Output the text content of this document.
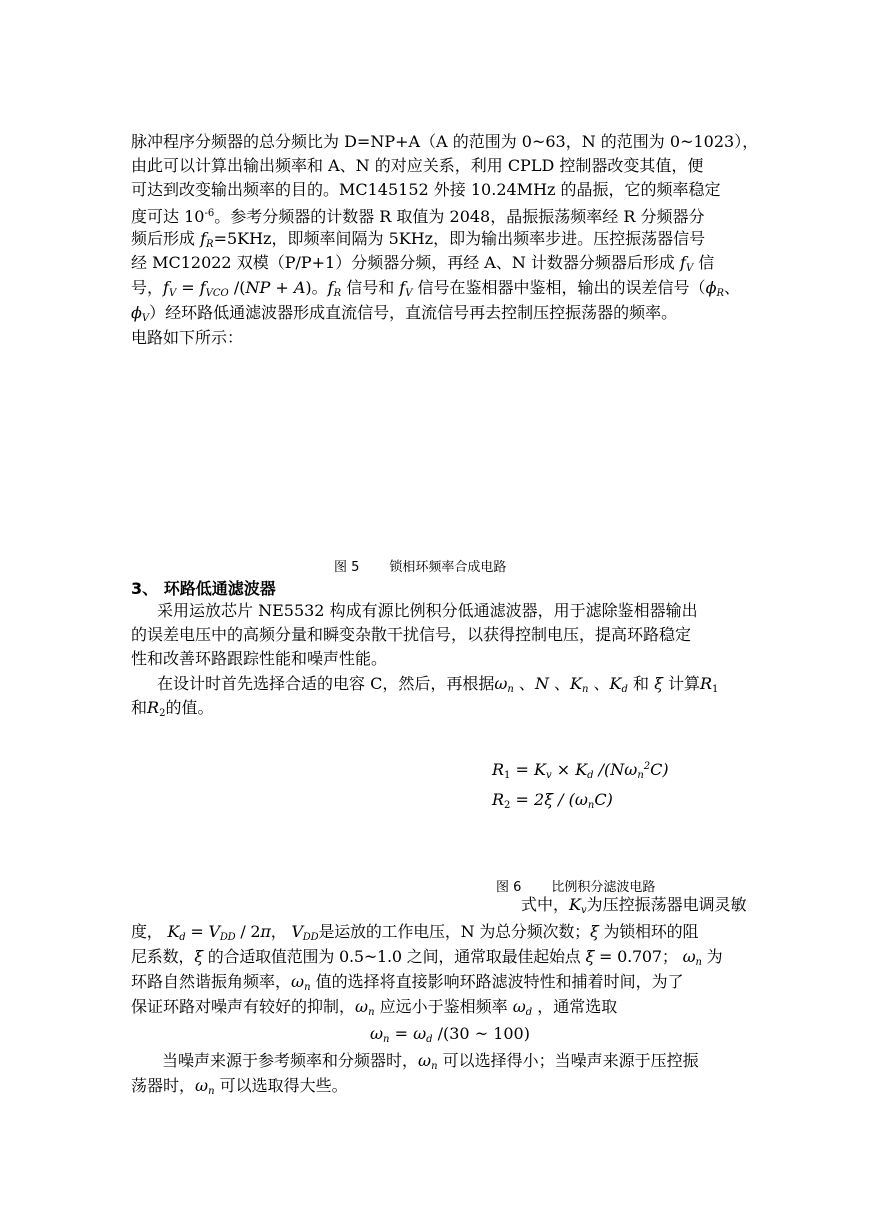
脉冲程序分频器的总分频比为 D=NP+A（A 的范围为 0~63，N 的范围为 0~1023），
由此可以计算出输出频率和 A、N 的对应关系，利用 CPLD 控制器改变其值，便
可达到改变输出频率的目的。MC145152 外接 10.24MHz 的晶振，它的频率稳定
度可达 $10^{-6}$。参考分频器的计数器 R 取值为 2048，晶振振荡频率经 R 分频器分
频后形成 $f_R=5KHz$，即频率间隔为 5KHz，即为输出频率步进。压控振荡器信号
经 MC12022 双模（P/P+1）分频器分频，再经 A、N 计数器分频器后形成 $f_V$ 信
号，$f_V = f_{VCO}$ /(NP + A)。$f_R$ 信号和 $f_V$ 信号在鉴相器中鉴相，输出的误差信号（$\phi_R$、
$\phi_V$）经环路低通滤波器形成直流信号，直流信号再去控制压控振荡器的频率。
电路如下所示：
图 5 锁相环频率合成电路
3、 环路低通滤波器
采用运放芯片 NE5532 构成有源比例积分低通滤波器，用于滤除鉴相器输出
的误差电压中的高频分量和瞬变杂散干扰信号，以获得控制电压，提高环路稳定
性和改善环路跟踪性能和噪声性能。
在设计时首先选择合适的电容 C，然后，再根据$\omega_n$ 、N 、$K_n$ 、$K_d$ 和 ξ 计算$R_1$
和$R_2$的值。
$R_1 = K_v \times K_d$ $/(N\omega_n^2C)$
$R_2 = 2\xi / (\omega_nC)$
图 6 比例积分滤波电路
式中，$K_v$为压控振荡器电调灵敏
度， $K_d = V_{DD} / 2\pi$， $V_{DD}$是运放的工作电压，N 为总分频次数；ξ 为锁相环的阻
尼系数，ξ 的合适取值范围为 0.5~1.0 之间，通常取最佳起始点 ξ = 0.707； $\omega_n$ 为
环路自然谐振角频率，$\omega_n$ 值的选择将直接影响环路滤波特性和捕着时间，为了
保证环路对噪声有较好的抑制，$\omega_n$ 应远小于鉴相频率 $\omega_d$ ，通常选取
$\omega_n = \omega_d$ /(30 ~ 100)
当噪声来源于参考频率和分频器时，$\omega_n$ 可以选择得小；当噪声来源于压控振
荡器时，$\omega_n$ 可以选取得大些。
